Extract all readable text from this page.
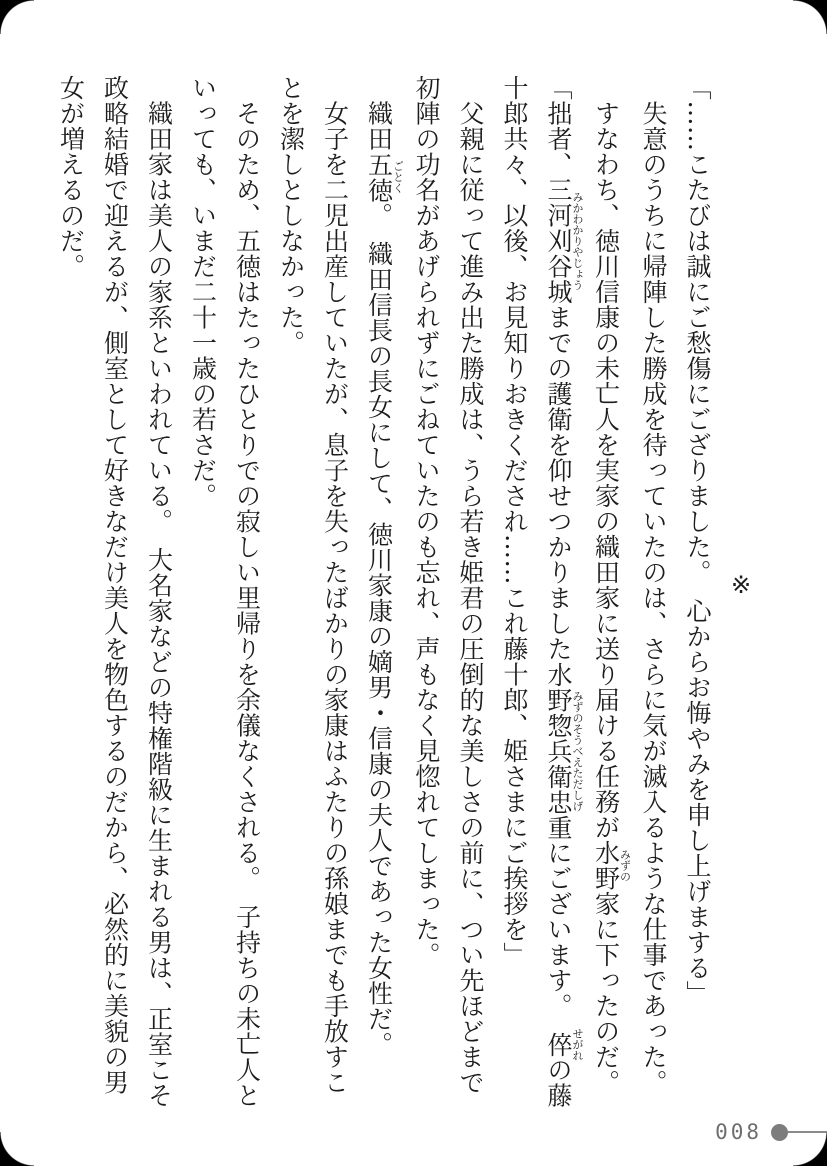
※

「……こたびは誠にご愁傷にござりました。　心からお悔やみを申し上げまする」

　失意のうちに帰陣した勝成を待っていたのは、さらに気が滅入るような仕事であった。

　すなわち、徳川信康の未亡人を実家の織田家に送り届ける任務が水野みずの家に下ったのだ。

「拙者、三河刈谷城みかわかりやじょうまでの護衛を仰せつかりました水野惣兵衛忠重みずのそうべえただしげにございます。　倅せがれの藤

十郎共々、以後、お見知りおきくだされ……これ藤十郎、姫さまにご挨拶を」

　父親に従って進み出た勝成は、うら若き姫君の圧倒的な美しさの前に、つい先ほどまで

初陣の功名があげられずにごねていたのも忘れ、声もなく見惚れてしまった。

　織田五徳ごとく。　織田信長の長女にして、徳川家康の嫡男・信康の夫人であった女性だ。

　女子を二児出産していたが、息子を失ったばかりの家康はふたりの孫娘までも手放すこ

とを潔しとしなかった。

　そのため、五徳はたったひとりでの寂しい里帰りを余儀なくされる。　子持ちの未亡人と

いっても、いまだ二十一歳の若さだ。

　織田家は美人の家系といわれている。　大名家などの特権階級に生まれる男は、正室こそ

政略結婚で迎えるが、側室として好きなだけ美人を物色するのだから、必然的に美貌の男

女が増えるのだ。

008
